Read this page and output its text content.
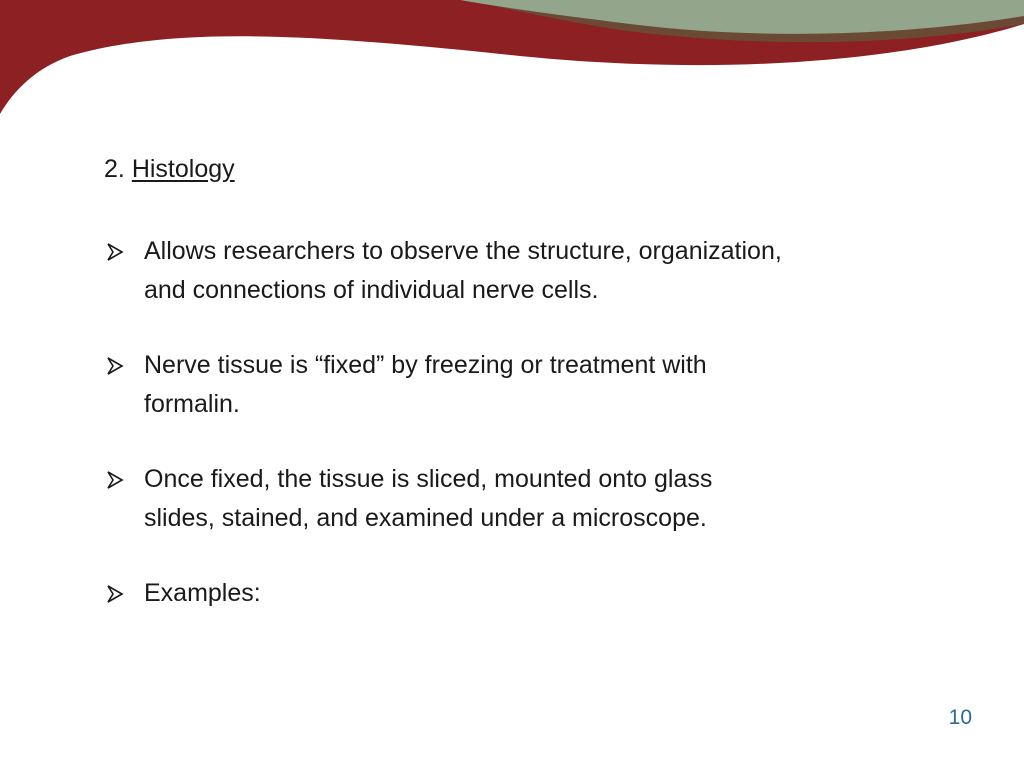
2. Histology
Allows researchers to observe the structure, organization,
and connections of individual nerve cells.
Nerve tissue is “fixed” by freezing or treatment with
formalin.
Once fixed, the tissue is sliced, mounted onto glass
slides, stained, and examined under a microscope.
Examples:
10
